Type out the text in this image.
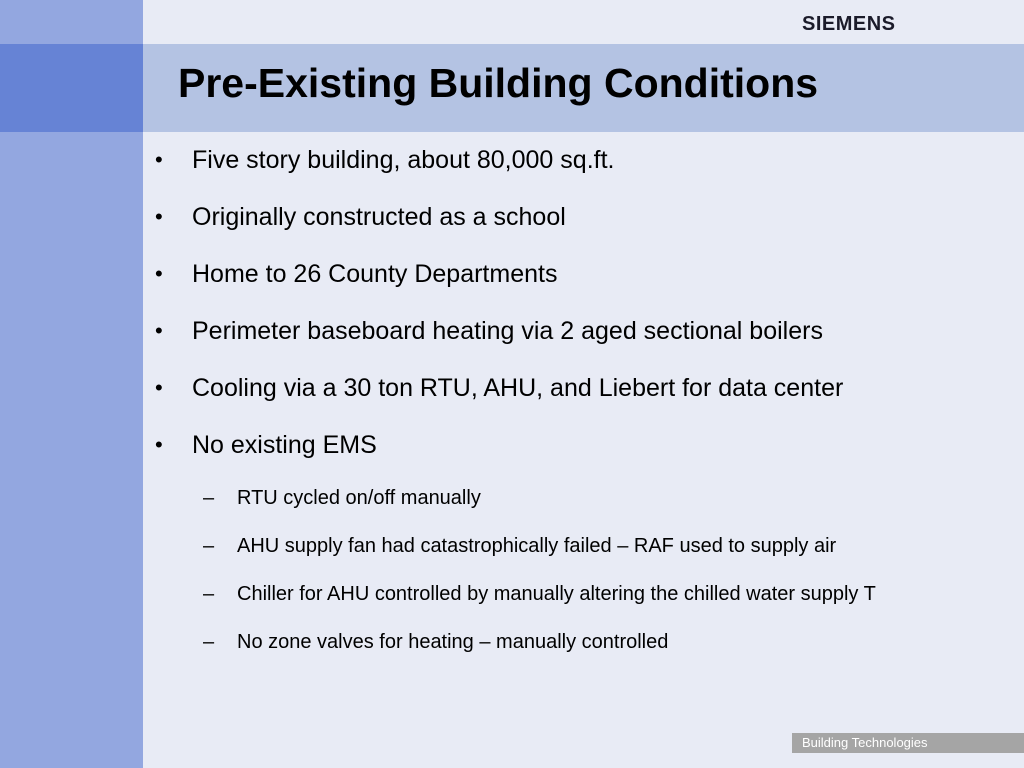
SIEMENS
Pre-Existing Building Conditions
•	Five story building, about 80,000 sq.ft.
•	Originally constructed as a school
•	Home to 26 County Departments
•	Perimeter baseboard heating via 2 aged sectional boilers
•	Cooling via a 30 ton RTU, AHU, and Liebert for data center
•	No existing EMS
–	RTU cycled on/off manually
–	AHU supply fan had catastrophically failed – RAF used to supply air
–	Chiller for AHU controlled by manually altering the chilled water supply T
–	No zone valves for heating – manually controlled
Building Technologies
